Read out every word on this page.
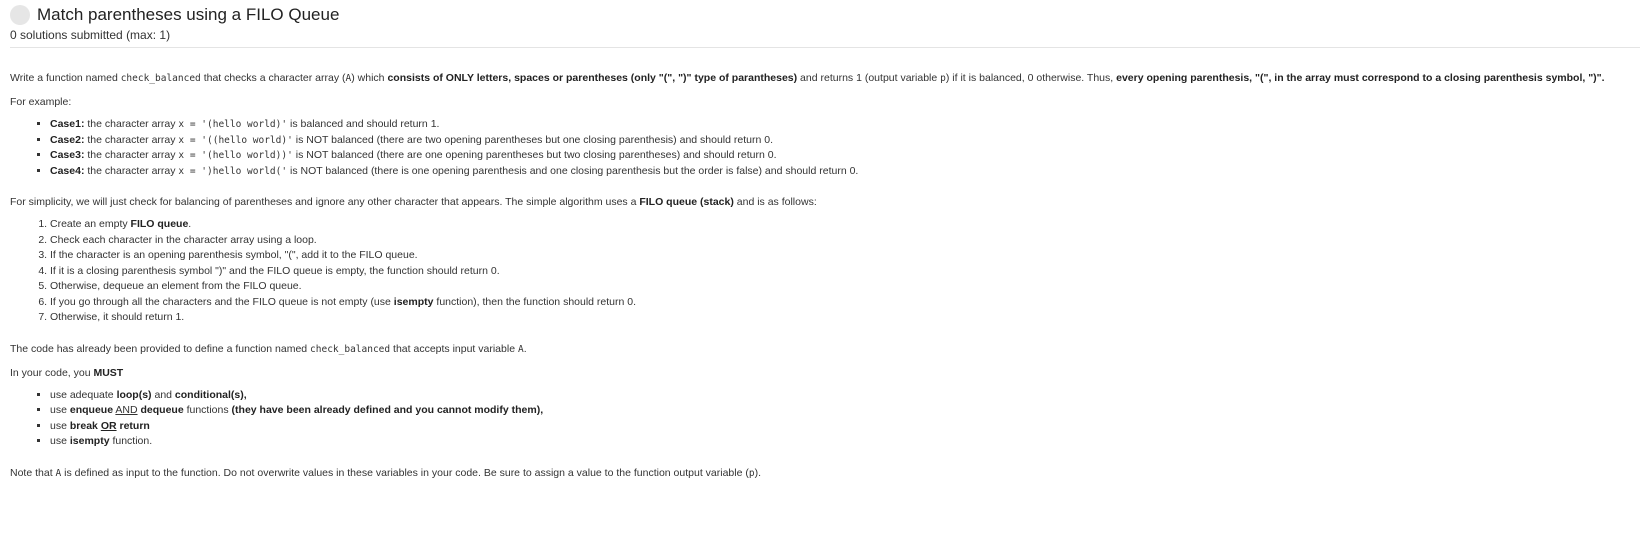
Match parentheses using a FILO Queue
0 solutions submitted (max: 1)

Write a function named check_balanced that checks a character array (A) which consists of ONLY letters, spaces or parentheses (only "(", ")" type of parantheses) and returns 1 (output variable p) if it is balanced, 0 otherwise. Thus, every opening parenthesis, "(", in the array must correspond to a closing parenthesis symbol, ")".

For example:

▪ Case1: the character array x = '(hello world)' is balanced and should return 1.
▪ Case2: the character array x = '((hello world)' is NOT balanced (there are two opening parentheses but one closing parenthesis) and should return 0.
▪ Case3: the character array x = '(hello world))' is NOT balanced (there are one opening parentheses but two closing parentheses) and should return 0.
▪ Case4: the character array x = ')hello world(' is NOT balanced (there is one opening parenthesis and one closing parenthesis but the order is false) and should return 0.

For simplicity, we will just check for balancing of parentheses and ignore any other character that appears. The simple algorithm uses a FILO queue (stack) and is as follows:

1. Create an empty FILO queue.
2. Check each character in the character array using a loop.
3. If the character is an opening parenthesis symbol, "(", add it to the FILO queue.
4. If it is a closing parenthesis symbol ")" and the FILO queue is empty, the function should return 0.
5. Otherwise, dequeue an element from the FILO queue.
6. If you go through all the characters and the FILO queue is not empty (use isempty function), then the function should return 0.
7. Otherwise, it should return 1.

The code has already been provided to define a function named check_balanced that accepts input variable A.

In your code, you MUST

▪ use adequate loop(s) and conditional(s),
▪ use enqueue AND dequeue functions (they have been already defined and you cannot modify them),
▪ use break OR return
▪ use isempty function.

Note that A is defined as input to the function. Do not overwrite values in these variables in your code. Be sure to assign a value to the function output variable (p).
